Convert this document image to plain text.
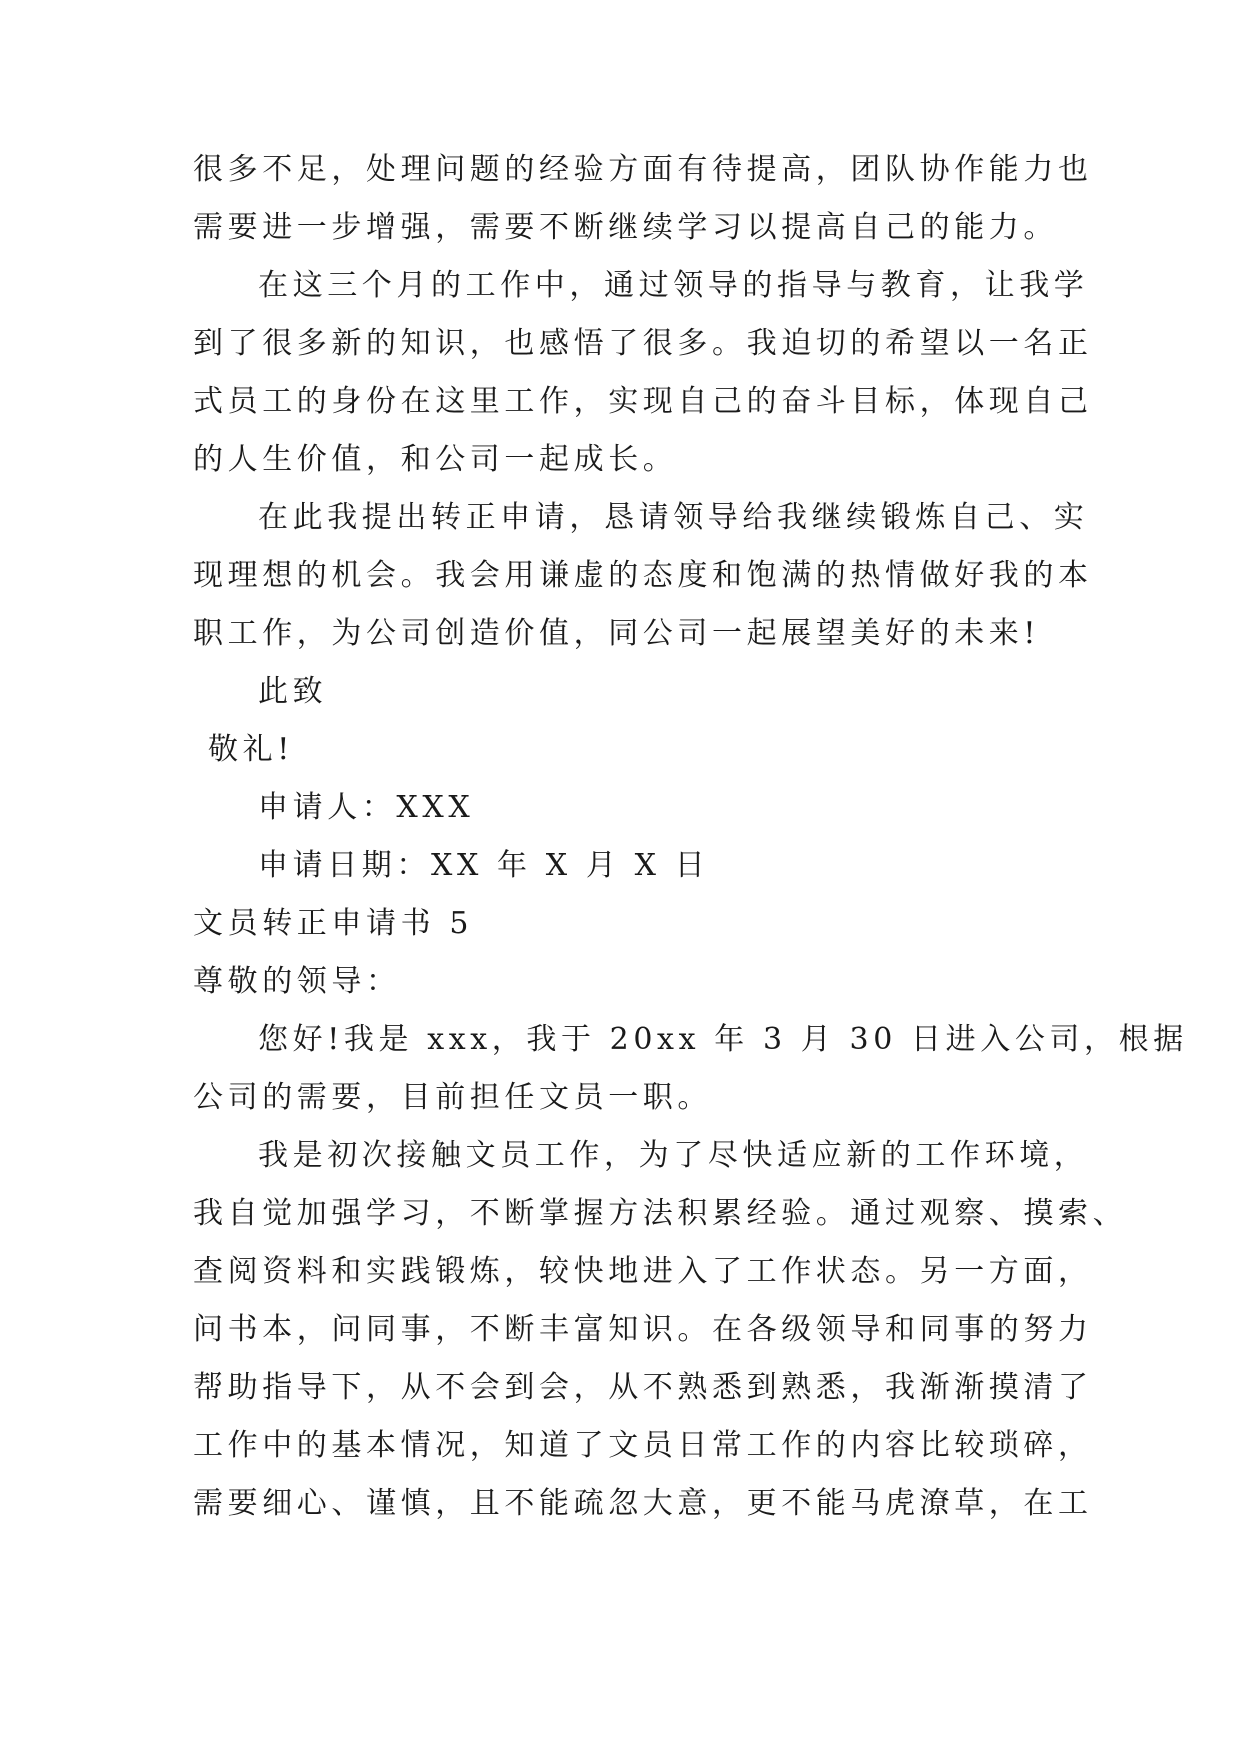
很多不足，处理问题的经验方面有待提高，团队协作能力也
需要进一步增强，需要不断继续学习以提高自己的能力。
在这三个月的工作中，通过领导的指导与教育，让我学
到了很多新的知识，也感悟了很多。我迫切的希望以一名正
式员工的身份在这里工作，实现自己的奋斗目标，体现自己
的人生价值，和公司一起成长。
在此我提出转正申请，恳请领导给我继续锻炼自己、实
现理想的机会。我会用谦虚的态度和饱满的热情做好我的本
职工作，为公司创造价值，同公司一起展望美好的未来!
此致
敬礼!
申请人：XXX
申请日期：XX 年 X 月 X 日
文员转正申请书 5
尊敬的领导：
您好!我是 xxx，我于 20xx 年 3 月 30 日进入公司，根据
公司的需要，目前担任文员一职。
我是初次接触文员工作，为了尽快适应新的工作环境，
我自觉加强学习，不断掌握方法积累经验。通过观察、摸索、
查阅资料和实践锻炼，较快地进入了工作状态。另一方面，
问书本，问同事，不断丰富知识。在各级领导和同事的努力
帮助指导下，从不会到会，从不熟悉到熟悉，我渐渐摸清了
工作中的基本情况，知道了文员日常工作的内容比较琐碎，
需要细心、谨慎，且不能疏忽大意，更不能马虎潦草，在工
